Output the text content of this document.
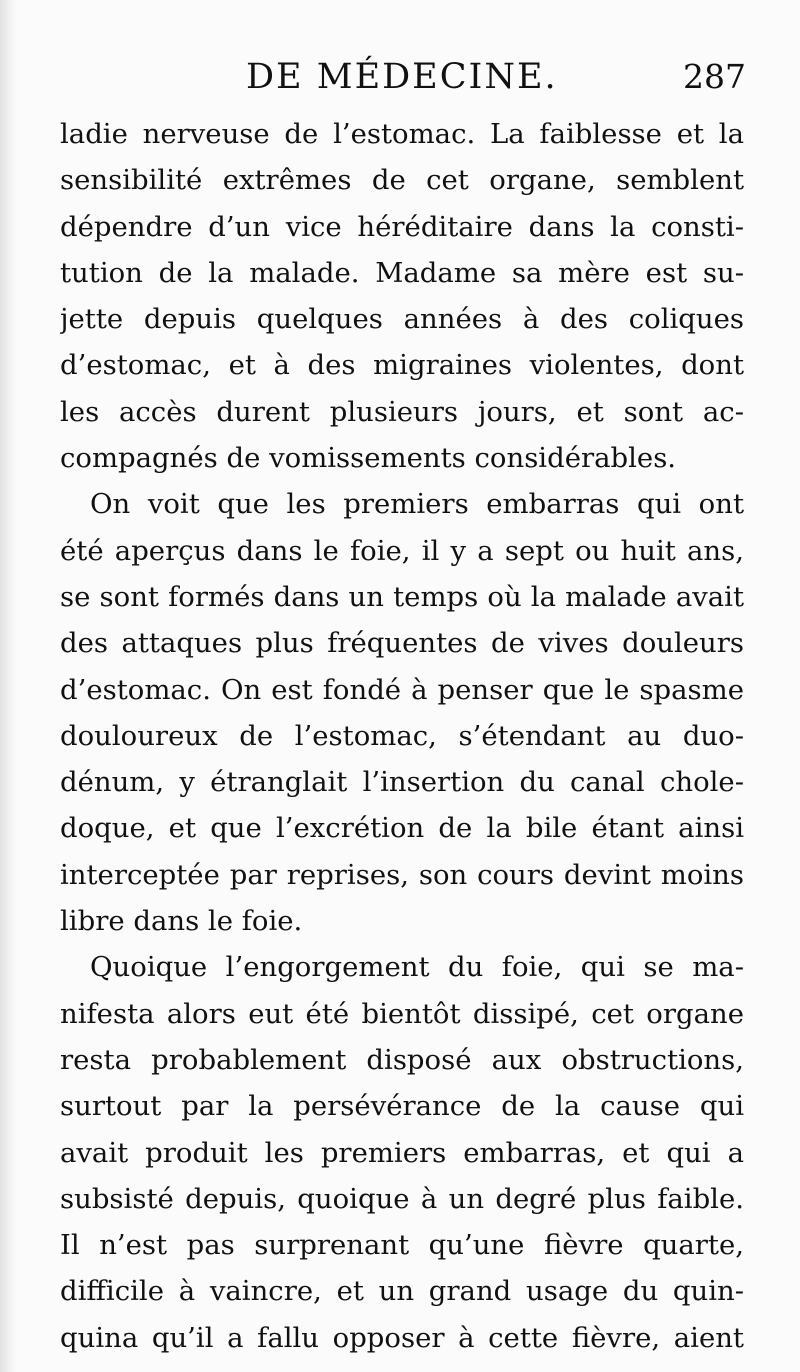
DE MÉDECINE.	287
ladie nerveuse de l’estomac. La faiblesse et la
sensibilité extrêmes de cet organe, semblent
dépendre d’un vice héréditaire dans la consti-
tution de la malade. Madame sa mère est su-
jette depuis quelques années à des coliques
d’estomac, et à des migraines violentes, dont
les accès durent plusieurs jours, et sont ac-
compagnés de vomissements considérables.
On voit que les premiers embarras qui ont
été aperçus dans le foie, il y a sept ou huit ans,
se sont formés dans un temps où la malade avait
des attaques plus fréquentes de vives douleurs
d’estomac. On est fondé à penser que le spasme
douloureux de l’estomac, s’étendant au duo-
dénum, y étranglait l’insertion du canal chole-
doque, et que l’excrétion de la bile étant ainsi
interceptée par reprises, son cours devint moins
libre dans le foie.
Quoique l’engorgement du foie, qui se ma-
nifesta alors eut été bientôt dissipé, cet organe
resta probablement disposé aux obstructions,
surtout par la persévérance de la cause qui
avait produit les premiers embarras, et qui a
subsisté depuis, quoique à un degré plus faible.
Il n’est pas surprenant qu’une fièvre quarte,
difficile à vaincre, et un grand usage du quin-
quina qu’il a fallu opposer à cette fièvre, aient
